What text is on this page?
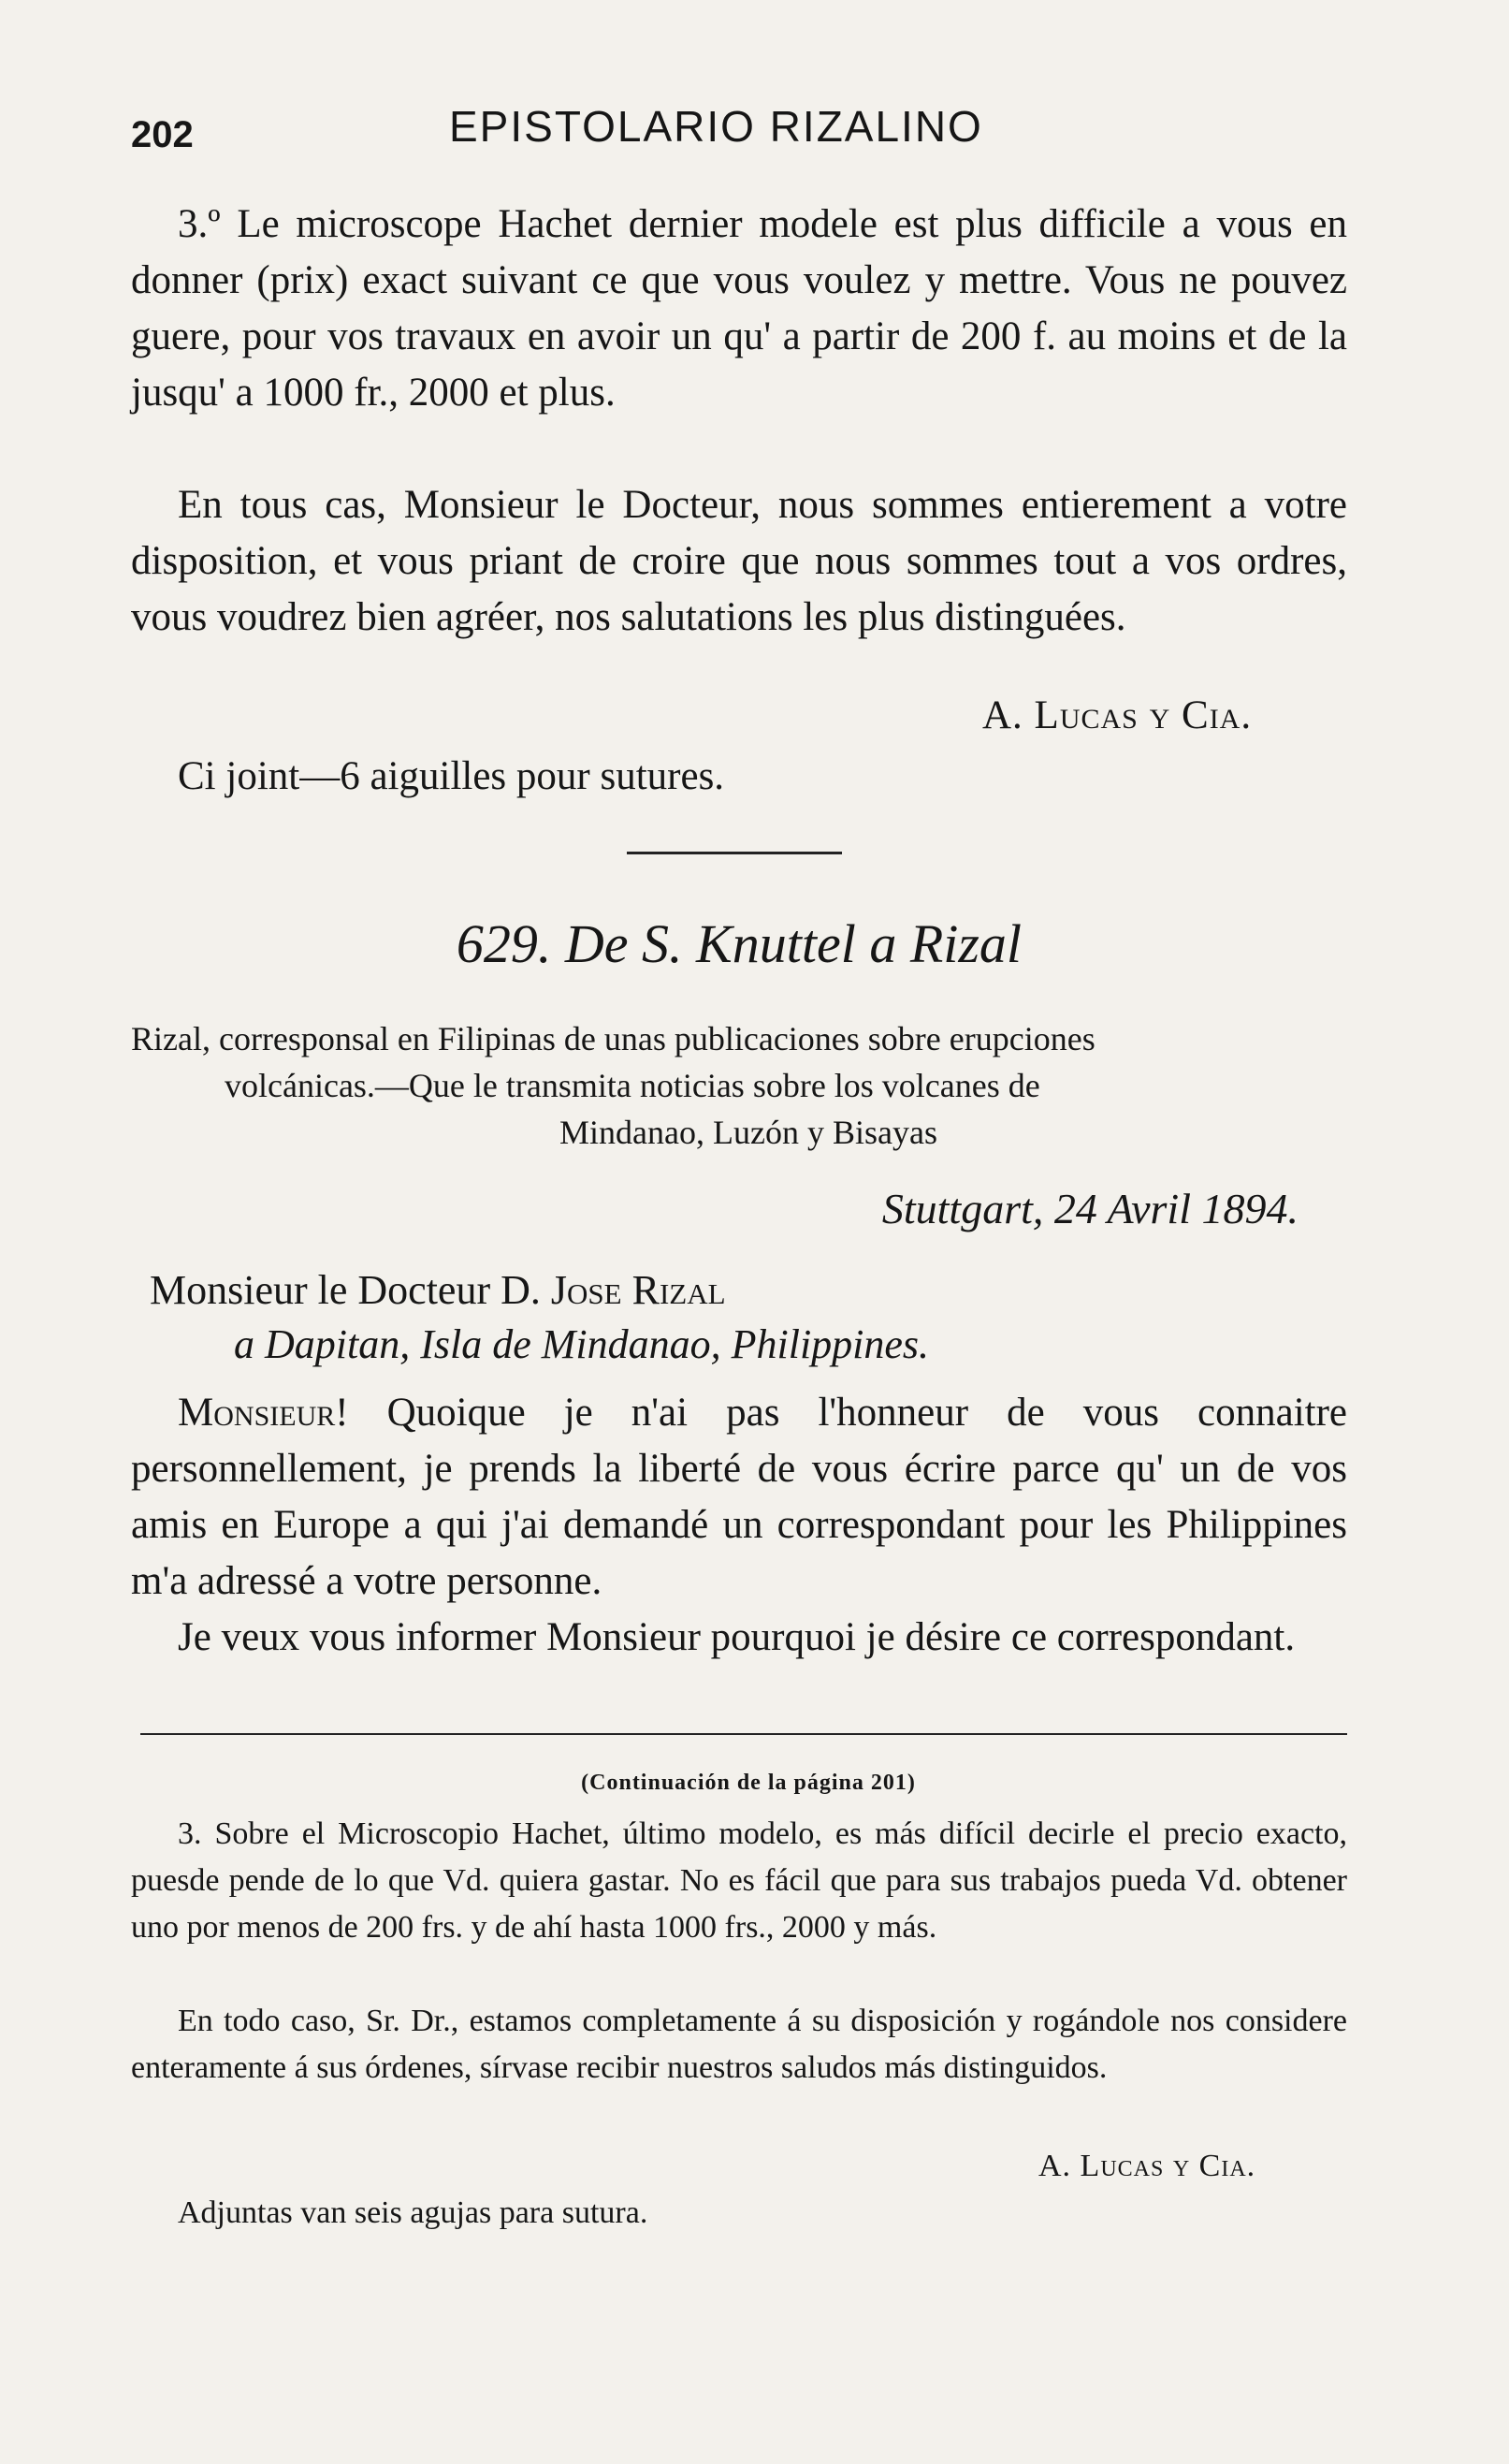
202	EPISTOLARIO RIZALINO

3.º Le microscope Hachet dernier modele est plus difficile a vous en donner (prix) exact suivant ce que vous voulez y mettre. Vous ne pouvez guere, pour vos travaux en avoir un qu' a partir de 200 f. au moins et de la jusqu' a 1000 fr., 2000 et plus.

En tous cas, Monsieur le Docteur, nous sommes entierement a votre disposition, et vous priant de croire que nous sommes tout a vos ordres, vous voudrez bien agréer, nos salutations les plus distinguées.

A. Lucas y Cia.

Ci joint—6 aiguilles pour sutures.

629. De S. Knuttel a Rizal

Rizal, corresponsal en Filipinas de unas publicaciones sobre erupciones
volcánicas.—Que le transmita noticias sobre los volcanes de
Mindanao, Luzón y Bisayas

Stuttgart, 24 Avril 1894.

Monsieur le Docteur D. Jose Rizal
a Dapitan, Isla de Mindanao, Philippines.

Monsieur! Quoique je n'ai pas l'honneur de vous connaitre personnellement, je prends la liberté de vous écrire parce qu' un de vos amis en Europe a qui j'ai demandé un correspondant pour les Philippines m'a adressé a votre personne.

Je veux vous informer Monsieur pourquoi je désire ce correspondant.

(Continuación de la página 201)

3. Sobre el Microscopio Hachet, último modelo, es más difícil decirle el precio exacto, puesde pende de lo que Vd. quiera gastar. No es fácil que para sus trabajos pueda Vd. obtener uno por menos de 200 frs. y de ahí hasta 1000 frs., 2000 y más.

En todo caso, Sr. Dr., estamos completamente á su disposición y rogándole nos considere enteramente á sus órdenes, sírvase recibir nuestros saludos más distinguidos.

A. Lucas y Cia.

Adjuntas van seis agujas para sutura.
